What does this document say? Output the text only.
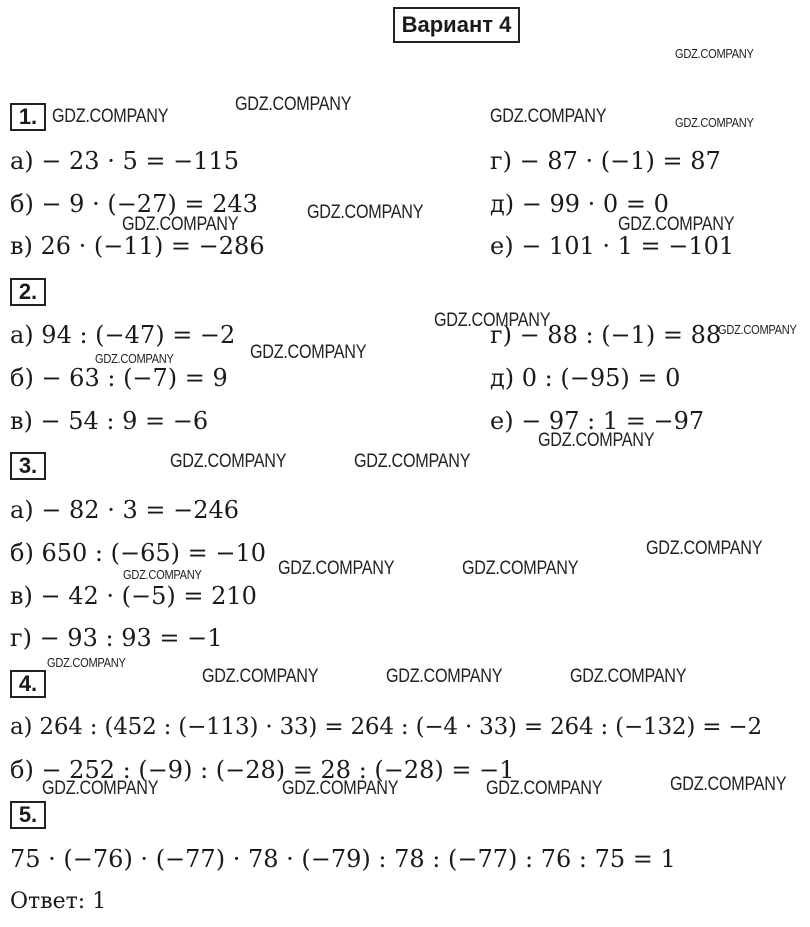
Вариант 4
1.
а) − 23 · 5 = −115
б) − 9 · (−27) = 243
в) 26 · (−11) = −286
г) − 87 · (−1) = 87
д) − 99 · 0 = 0
е) − 101 · 1 = −101
2.
а) 94 : (−47) = −2
б) − 63 : (−7) = 9
в) − 54 : 9 = −6
г) − 88 : (−1) = 88
д) 0 : (−95) = 0
е) − 97 : 1 = −97
3.
а) − 82 · 3 = −246
б) 650 : (−65) = −10
в) − 42 · (−5) = 210
г) − 93 : 93 = −1
4.
а) 264 : (452 : (−113) · 33) = 264 : (−4 · 33) = 264 : (−132) = −2
б) − 252 : (−9) : (−28) = 28 : (−28) = −1
5.
75 · (−76) · (−77) · 78 · (−79) : 78 : (−77) : 76 : 75 = 1
Ответ: 1
GDZ.COMPANY
GDZ.COMPANY
GDZ.COMPANY	GDZ.COMPANY	GDZ.COMPANY
GDZ.COMPANY
GDZ.COMPANY	GDZ.COMPANY
GDZ.COMPANY	GDZ.COMPANY
GDZ.COMPANY
GDZ.COMPANY
GDZ.COMPANY
GDZ.COMPANY	GDZ.COMPANY
GDZ.COMPANY
GDZ.COMPANY	GDZ.COMPANY
GDZ.COMPANY
GDZ.COMPANY
GDZ.COMPANY	GDZ.COMPANY	GDZ.COMPANY
GDZ.COMPANY
GDZ.COMPANY	GDZ.COMPANY	GDZ.COMPANY
